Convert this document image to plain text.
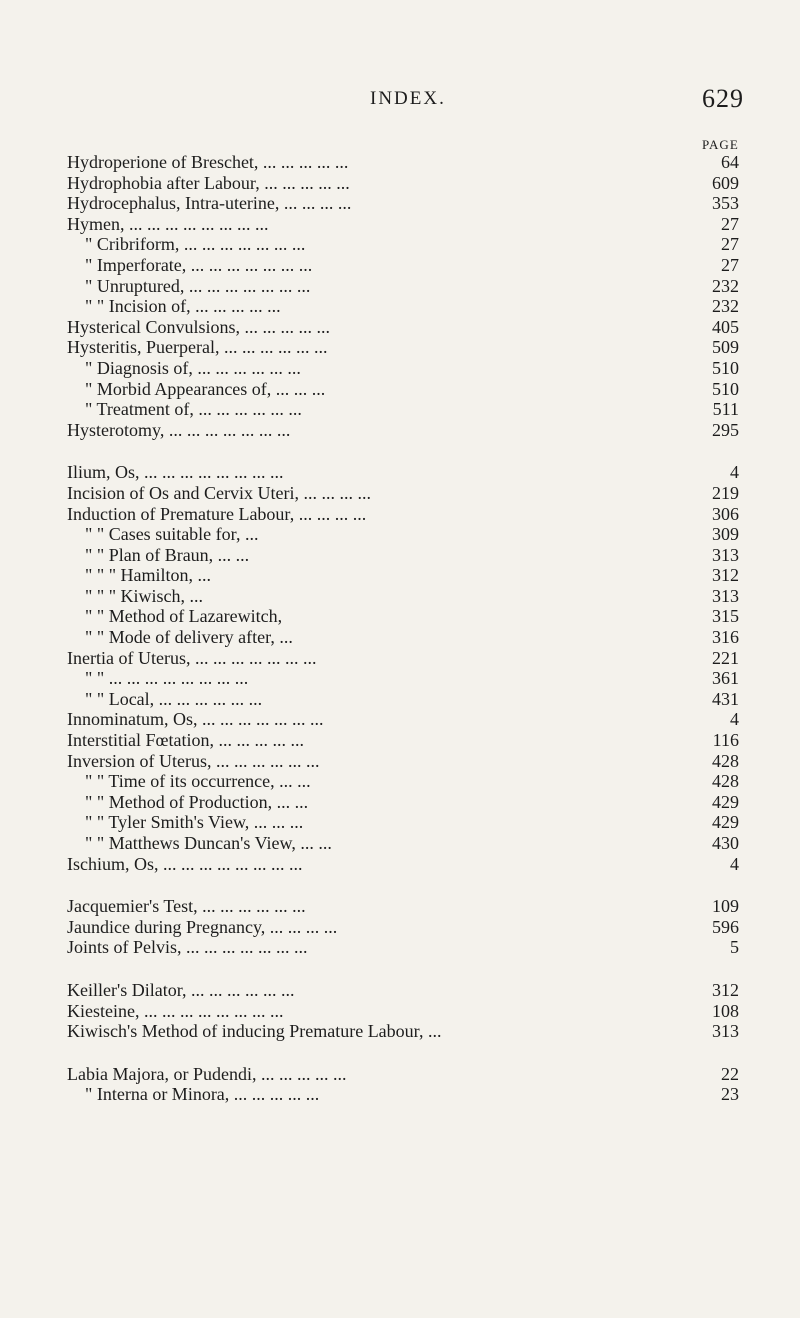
INDEX.	629
PAGE
Hydroperione of Breschet, ... ... ... ... ...	64
Hydrophobia after Labour, ... ... ... ... ...	609
Hydrocephalus, Intra-uterine, ... ... ... ...	353
Hymen, ... ... ... ... ... ... ... ...	27
" Cribriform, ... ... ... ... ... ... ...	27
" Imperforate, ... ... ... ... ... ... ...	27
" Unruptured, ... ... ... ... ... ... ...	232
" " Incision of, ... ... ... ... ...	232
Hysterical Convulsions, ... ... ... ... ...	405
Hysteritis, Puerperal, ... ... ... ... ... ...	509
" Diagnosis of, ... ... ... ... ... ...	510
" Morbid Appearances of, ... ... ...	510
" Treatment of, ... ... ... ... ... ...	511
Hysterotomy, ... ... ... ... ... ... ...	295
Ilium, Os, ... ... ... ... ... ... ... ...	4
Incision of Os and Cervix Uteri, ... ... ... ...	219
Induction of Premature Labour, ... ... ... ...	306
" " Cases suitable for, ...	309
" " Plan of Braun, ... ...	313
" " " Hamilton, ...	312
" " " Kiwisch, ...	313
" " Method of Lazarewitch,	315
" " Mode of delivery after, ...	316
Inertia of Uterus, ... ... ... ... ... ... ...	221
" " ... ... ... ... ... ... ... ...	361
" " Local, ... ... ... ... ... ...	431
Innominatum, Os, ... ... ... ... ... ... ...	4
Interstitial Fœtation, ... ... ... ... ...	116
Inversion of Uterus, ... ... ... ... ... ...	428
" " Time of its occurrence, ... ...	428
" " Method of Production, ... ...	429
" " Tyler Smith's View, ... ... ...	429
" " Matthews Duncan's View, ... ...	430
Ischium, Os, ... ... ... ... ... ... ... ...	4
Jacquemier's Test, ... ... ... ... ... ...	109
Jaundice during Pregnancy, ... ... ... ...	596
Joints of Pelvis, ... ... ... ... ... ... ...	5
Keiller's Dilator, ... ... ... ... ... ...	312
Kiesteine, ... ... ... ... ... ... ... ...	108
Kiwisch's Method of inducing Premature Labour, ...	313
Labia Majora, or Pudendi, ... ... ... ... ...	22
" Interna or Minora, ... ... ... ... ...	23
